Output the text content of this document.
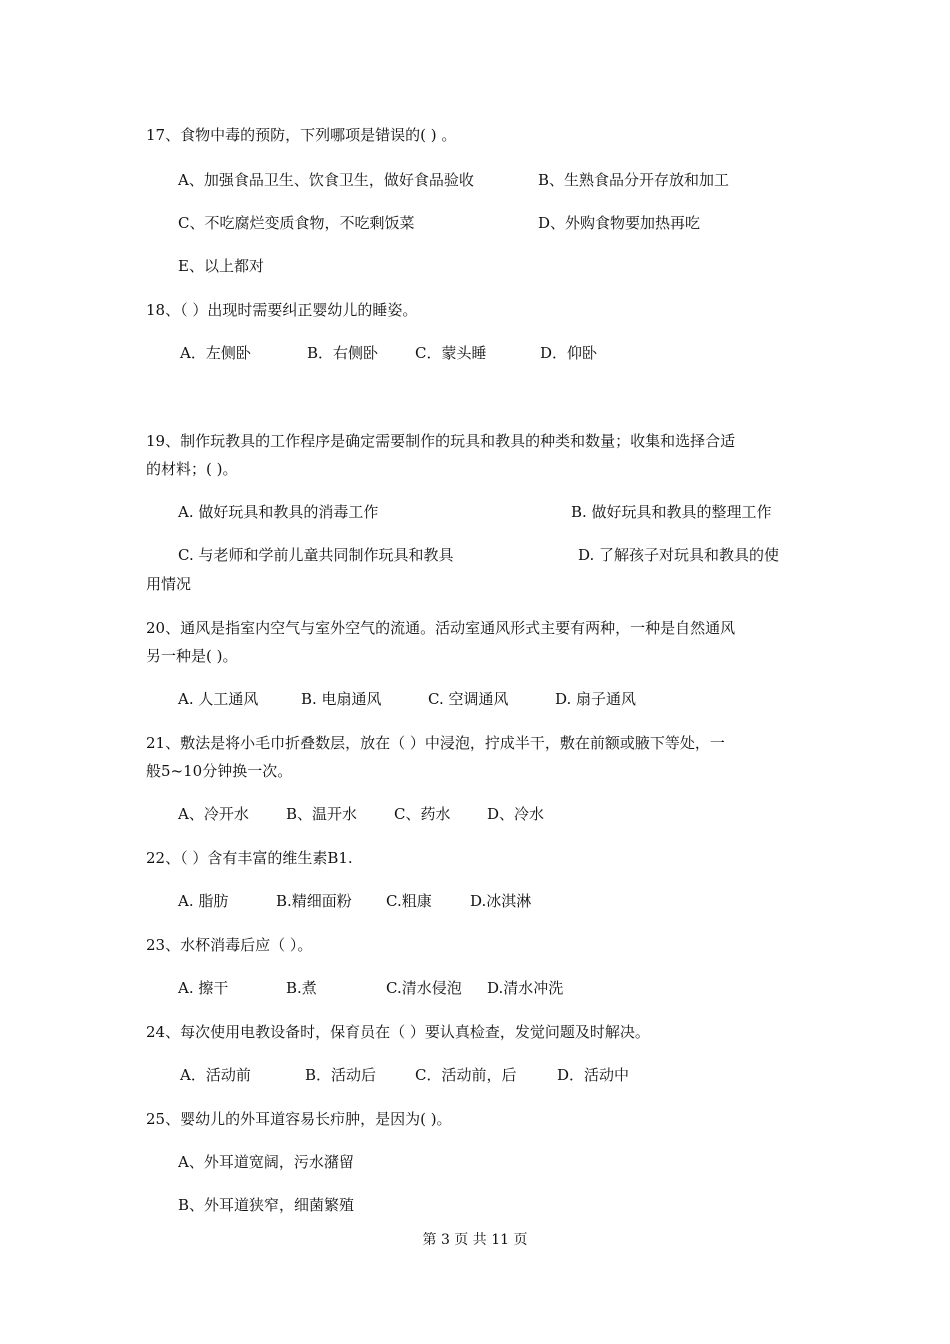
17、食物中毒的预防，下列哪项是错误的( ) 。
A、加强食品卫生、饮食卫生，做好食品验收	B、生熟食品分开存放和加工
C、不吃腐烂变质食物，不吃剩饭菜	D、外购食物要加热再吃
E、以上都对
18、（ ）出现时需要纠正婴幼儿的睡姿。
A．左侧卧	B．右侧卧 C．蒙头睡	D．仰卧
19、制作玩教具的工作程序是确定需要制作的玩具和教具的种类和数量；收集和选择合适
的材料；( )。
A. 做好玩具和教具的消毒工作	B. 做好玩具和教具的整理工作
C. 与老师和学前儿童共同制作玩具和教具	D. 了解孩子对玩具和教具的使
用情况
20、通风是指室内空气与室外空气的流通。活动室通风形式主要有两种，一种是自然通风
另一种是( )。
A. 人工通风	B. 电扇通风	C. 空调通风	D. 扇子通风
21、敷法是将小毛巾折叠数层，放在（ ）中浸泡，拧成半干，敷在前额或腋下等处，一
般5~10分钟换一次。
A、冷开水 B、温开水 C、药水 D、冷水
22、（ ）含有丰富的维生素B1.
A. 脂肪	B.精细面粉 C.粗康	D.冰淇淋
23、水杯消毒后应（ ）。
A. 擦干	B.煮	C.清水侵泡 D.清水冲洗
24、每次使用电教设备时，保育员在（ ）要认真检查，发觉问题及时解决。
A．活动前	B．活动后	C．活动前，后	D．活动中
25、婴幼儿的外耳道容易长疖肿，是因为( )。
A、外耳道宽阔，污水潴留
B、外耳道狭窄，细菌繁殖
第 3 页 共 11 页
